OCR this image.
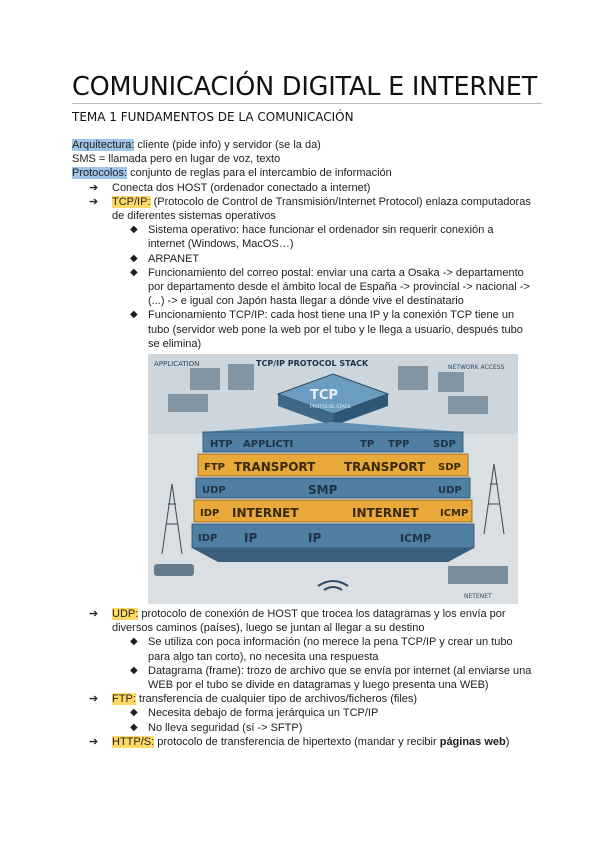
COMUNICACIÓN DIGITAL E INTERNET
TEMA 1 FUNDAMENTOS DE LA COMUNICACIÓN

Arquitectura: cliente (pide info) y servidor (se la da)

SMS = llamada pero en lugar de voz, texto

Protocolos: conjunto de reglas para el intercambio de información

➔ Conecta dos HOST (ordenador conectado a internet)
➔ TCP/IP: (Protocolo de Control de Transmisión/Internet Protocol) enlaza computadoras de diferentes sistemas operativos
◆ Sistema operativo: hace funcionar el ordenador sin requerir conexión a internet (Windows, MacOS…)
◆ ARPANET
◆ Funcionamiento del correo postal: enviar una carta a Osaka -> departamento por departamento desde el ámbito local de España -> provincial -> nacional -> (...) -> e igual con Japón hasta llegar a dónde vive el destinatario
◆ Funcionamiento TCP/IP: cada host tiene una IP y la conexión TCP tiene un tubo (servidor web pone la web por el tubo y le llega a usuario, después tubo se elimina)
APPLICATION	TCP/IP PROTOCOL STACK	NETWORK ACCESS
TCP
PROTOCOL STACK
HTP APPLICTI	TP TPP SDP
FTP TRANSPORT TRANSPORT SDP
UDP	SMP	UDP
IDP INTERNET	INTERNET ICMP
IDP IP	IP	ICMP
NETENET
➔ UDP: protocolo de conexión de HOST que trocea los datagramas y los envía por diversos caminos (países), luego se juntan al llegar a su destino
◆ Se utiliza con poca información (no merece la pena TCP/IP y crear un tubo para algo tan corto), no necesita una respuesta
◆ Datagrama (frame): trozo de archivo que se envía por internet (al enviarse una WEB por el tubo se divide en datagramas y luego presenta una WEB)
➔ FTP: transferencia de cualquier tipo de archivos/ficheros (files)
◆ Necesita debajo de forma jerárquica un TCP/IP
◆ No lleva seguridad (sí -> SFTP)
➔ HTTP/S: protocolo de transferencia de hipertexto (mandar y recibir páginas web)
